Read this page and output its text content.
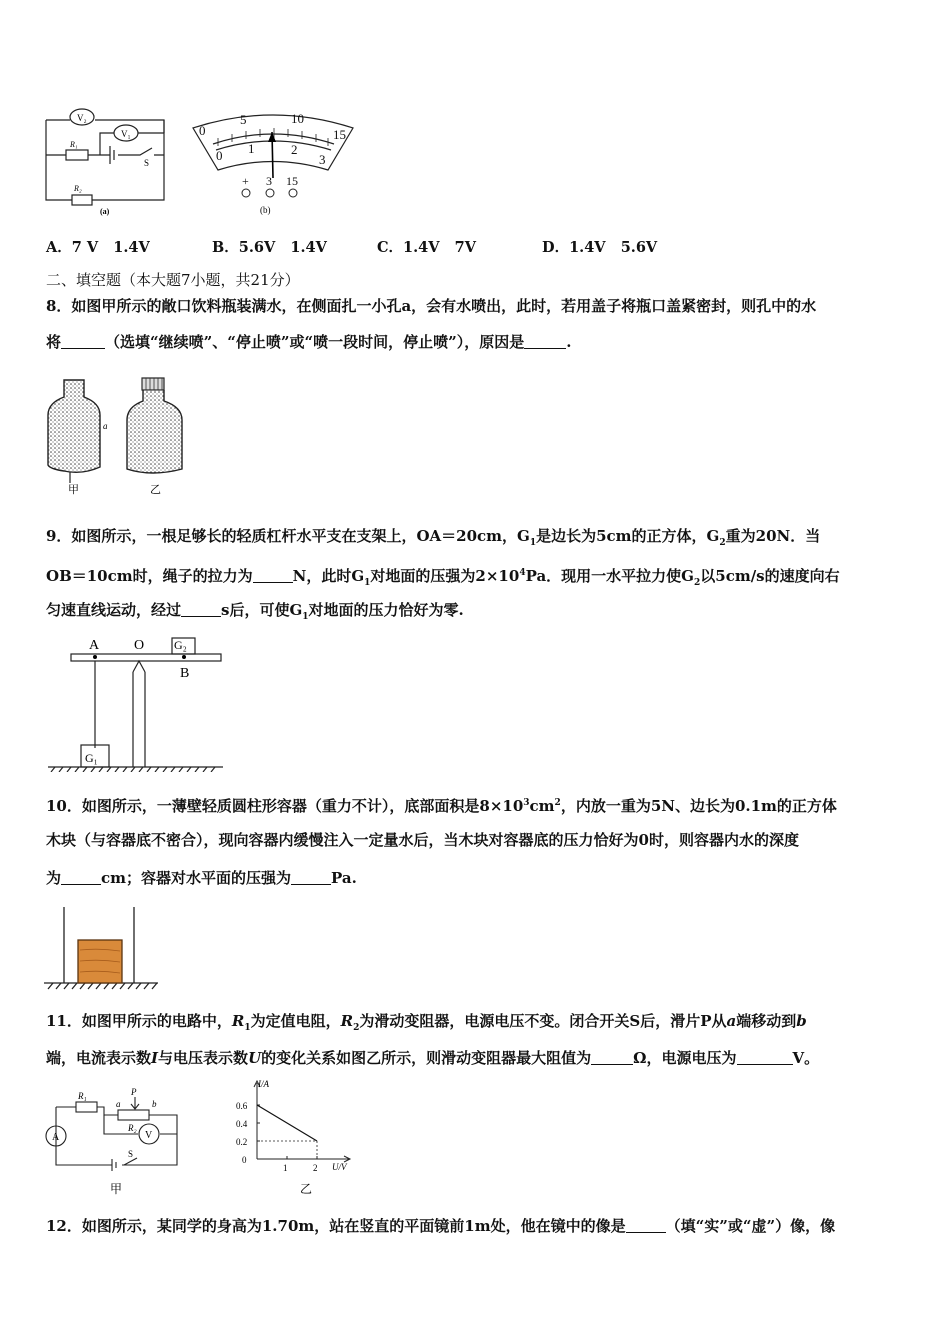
V₂
V₁
R₁
S
R₂
(a)
0
5	10
15
0 1	2
3
+ 3 15
(b)
A．7 V   1.4V	B．5.6V   1.4V	C．1.4V   7V	D．1.4V   5.6V
二、填空题（本大题7小题，共21分）
8．如图甲所示的敞口饮料瓶装满水，在侧面扎一小孔a，会有水喷出，此时，若用盖子将瓶口盖紧密封，则孔中的水
将	（选填“继续喷”、“停止喷”或“喷一段时间，停止喷”），原因是	.
a
甲	乙
9．如图所示，一根足够长的轻质杠杆水平支在支架上，OA＝20cm，$G_1$是边长为5cm的正方体，$G_2$重为20N．当
OB＝10cm时，绳子的拉力为	N，此时$G_1$对地面的压强为$2\times 10^4Pa$．现用一水平拉力使$G_2$以5cm/s的速度向右
匀速直线运动，经过	s后，可使$G_1$对地面的压力恰好为零.
A O G₂
B
G₁
10．如图所示，一薄壁轻质圆柱形容器（重力不计），底部面积是$8\times 10^3cm^2$，内放一重为5N、边长为0.1m的正方体
木块（与容器底不密合），现向容器内缓慢注入一定量水后，当木块对容器底的压力恰好为0时，则容器内水的深度
为	cm；容器对水平面的压强为	Pa.
11．如图甲所示的电路中，$R_1$为定值电阻，$R_2$为滑动变阻器，电源电压不变。闭合开关S后，滑片P从a端移动到b
端，电流表示数I与电压表示数U的变化关系如图乙所示，则滑动变阻器最大阻值为	Ω，电源电压为	V。
R₁	P
a	b
R₂
V
A
S
甲
I/A
U/V
0.6
0.4
0.2
0
1	2
乙
12．如图所示，某同学的身高为1.70m，站在竖直的平面镜前1m处，他在镜中的像是	（填“实”或“虚”）像，像
